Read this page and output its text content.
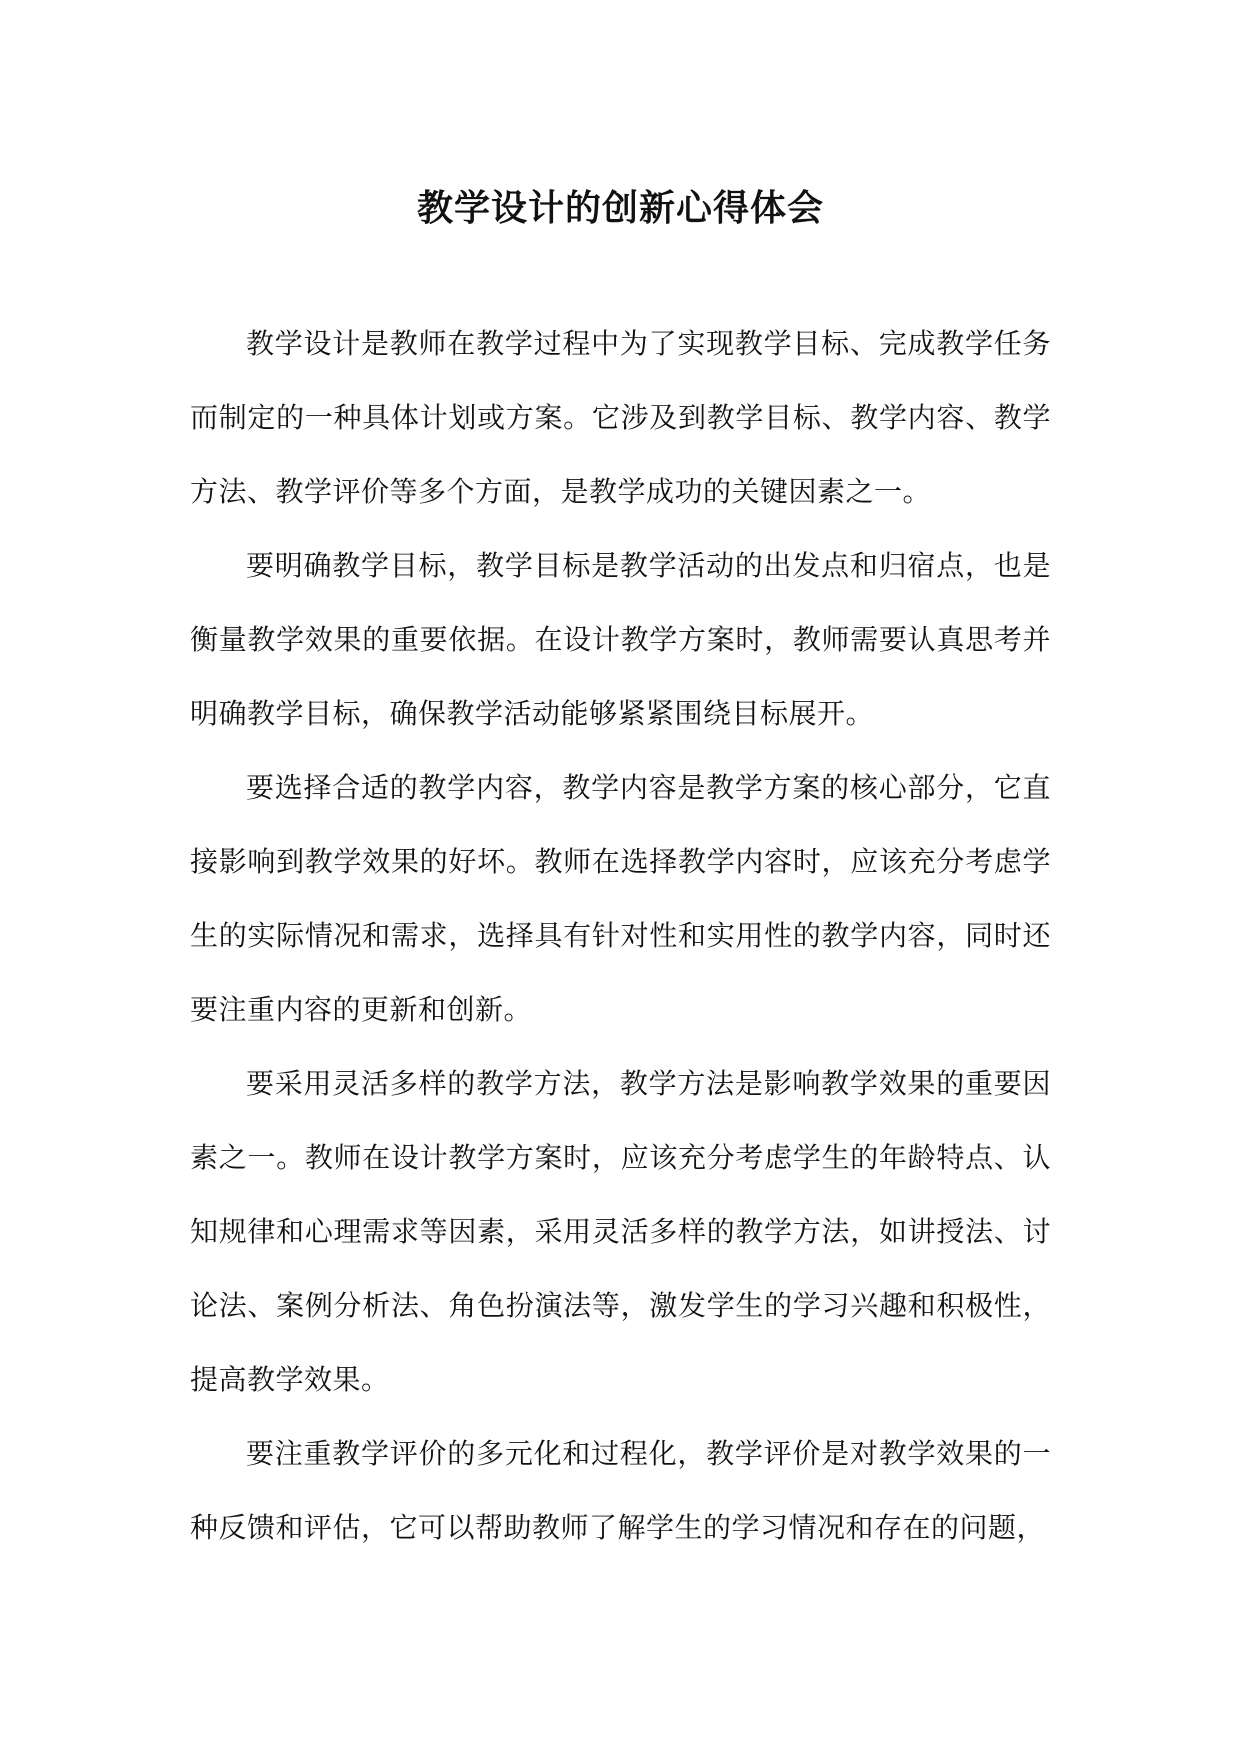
教学设计的创新心得体会

教学设计是教师在教学过程中为了实现教学目标、完成教学任务而制定的一种具体计划或方案。它涉及到教学目标、教学内容、教学方法、教学评价等多个方面，是教学成功的关键因素之一。

要明确教学目标，教学目标是教学活动的出发点和归宿点，也是衡量教学效果的重要依据。在设计教学方案时，教师需要认真思考并明确教学目标，确保教学活动能够紧紧围绕目标展开。

要选择合适的教学内容，教学内容是教学方案的核心部分，它直接影响到教学效果的好坏。教师在选择教学内容时，应该充分考虑学生的实际情况和需求，选择具有针对性和实用性的教学内容，同时还要注重内容的更新和创新。

要采用灵活多样的教学方法，教学方法是影响教学效果的重要因素之一。教师在设计教学方案时，应该充分考虑学生的年龄特点、认知规律和心理需求等因素，采用灵活多样的教学方法，如讲授法、讨论法、案例分析法、角色扮演法等，激发学生的学习兴趣和积极性，提高教学效果。

要注重教学评价的多元化和过程化，教学评价是对教学效果的一种反馈和评估，它可以帮助教师了解学生的学习情况和存在的问题，
